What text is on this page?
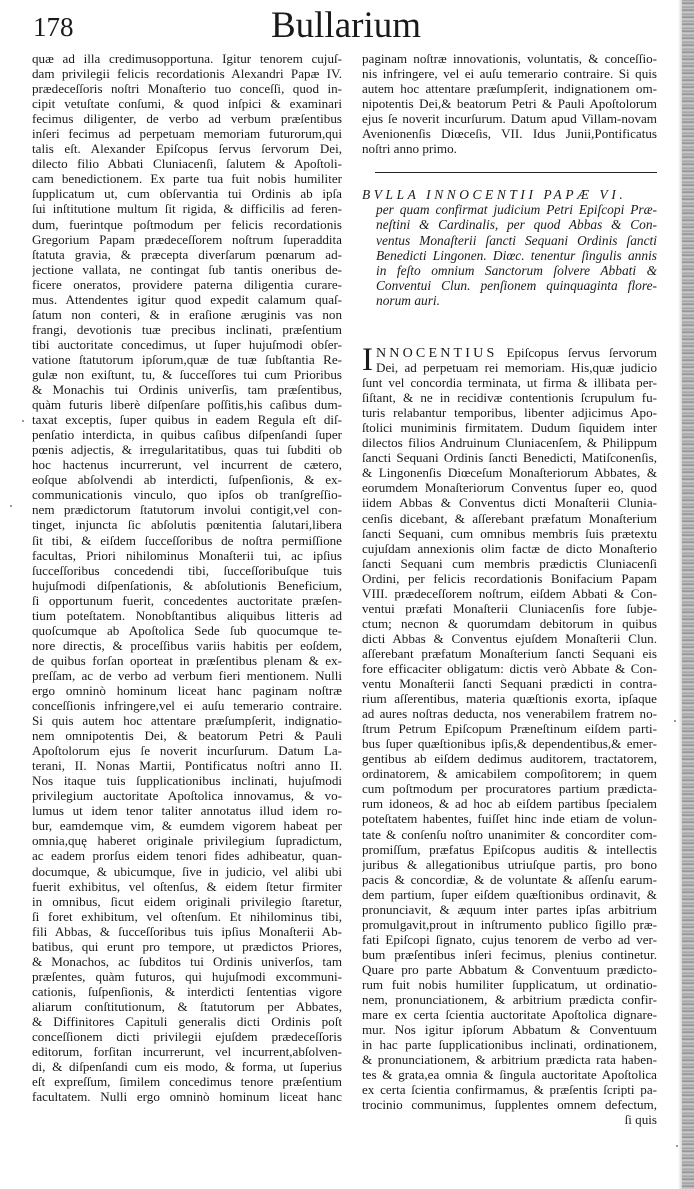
178	Bullarium
quæ ad illa credimusopportuna. Igitur tenorem cujuſ-
dam privilegii felicis recordationis Alexandri Papæ IV.
prædeceſſoris noſtri Monaſterio tuo conceſſi, quod in-
cipit vetuſtate conſumi, & quod inſpici & examinari
fecimus diligenter, de verbo ad verbum præſentibus
inſeri fecimus ad perpetuam memoriam futurorum,qui
talis eſt. Alexander Epiſcopus ſervus ſervorum Dei,
dilecto filio Abbati Cluniacenſi, ſalutem & Apoſtoli-
cam benedictionem. Ex parte tua fuit nobis humiliter
ſupplicatum ut, cum obſervantia tui Ordinis ab ipſa
ſui inſtitutione multum ſit rigida, & difficilis ad feren-
dum, fuerintque poſtmodum per felicis recordationis
Gregorium Papam prædeceſſorem noſtrum ſuperaddita
ſtatuta gravia, & præcepta diverſarum pœnarum ad-
jectione vallata, ne contingat ſub tantis oneribus de-
ficere oneratos, providere paterna diligentia curare-
mus. Attendentes igitur quod expedit calamum quaſ-
ſatum non conteri, & in eraſione æruginis vas non
frangi, devotionis tuæ precibus inclinati, præſentium
tibi auctoritate concedimus, ut ſuper hujuſmodi obſer-
vatione ſtatutorum ipſorum,quæ de tuæ ſubſtantia Re-
gulæ non exiſtunt, tu, & ſucceſſores tui cum Prioribus
& Monachis tui Ordinis univerſis, tam præſentibus,
quàm futuris liberè diſpenſare poſſitis,his caſibus dum-
taxat exceptis, ſuper quibus in eadem Regula eſt diſ-
penſatio interdicta, in quibus caſibus diſpenſandi ſuper
pœnis adjectis, & irregularitatibus, quas tui ſubditi ob
hoc hactenus incurrerunt, vel incurrent de cætero,
eoſque abſolvendi ab interdicti, ſuſpenſionis, & ex-
communicationis vinculo, quo ipſos ob tranſgreſſio-
nem prædictorum ſtatutorum involui contigit,vel con-
tinget, injuncta ſic abſolutis pœnitentia ſalutari,libera
ſit tibi, & eiſdem ſucceſſoribus de noſtra permiſſione
facultas, Priori nihilominus Monaſterii tui, ac ipſius
ſucceſſoribus concedendi tibi, ſucceſſoribuſque tuis
hujuſmodi diſpenſationis, & abſolutionis Beneficium,
ſi opportunum fuerit, concedentes auctoritate præſen-
tium poteſtatem. Nonobſtantibus aliquibus litteris ad
quoſcumque ab Apoſtolica Sede ſub quocumque te-
nore directis, & proceſſibus variis habitis per eoſdem,
de quibus forſan oporteat in præſentibus plenam & ex-
preſſam, ac de verbo ad verbum fieri mentionem. Nulli
ergo omninò hominum liceat hanc paginam noſtræ
conceſſionis infringere,vel ei auſu temerario contraire.
Si quis autem hoc attentare præſumpſerit, indignatio-
nem omnipotentis Dei, & beatorum Petri & Pauli
Apoſtolorum ejus ſe noverit incurſurum. Datum La-
terani, II. Nonas Martii, Pontificatus noſtri anno II.
Nos itaque tuis ſupplicationibus inclinati, hujuſmodi
privilegium auctoritate Apoſtolica innovamus, & vo-
lumus ut idem tenor taliter annotatus illud idem ro-
bur, eamdemque vim, & eumdem vigorem habeat per
omnia,quę haberet originale privilegium ſupradictum,
ac eadem prorſus eidem tenori fides adhibeatur, quan-
documque, & ubicumque, ſive in judicio, vel alibi ubi
fuerit exhibitus, vel oſtenſus, & eidem ſtetur firmiter
in omnibus, ſicut eidem originali privilegio ſtaretur,
ſi foret exhibitum, vel oſtenſum. Et nihilominus tibi,
fili Abbas, & ſucceſſoribus tuis ipſius Monaſterii Ab-
batibus, qui erunt pro tempore, ut prædictos Priores,
& Monachos, ac ſubditos tui Ordinis univerſos, tam
præſentes, quàm futuros, qui hujuſmodi excommuni-
cationis, ſuſpenſionis, & interdicti ſententias vigore
aliarum conſtitutionum, & ſtatutorum per Abbates,
& Diffinitores Capituli generalis dicti Ordinis poſt
conceſſionem dicti privilegii ejuſdem prædeceſſoris
editorum, forſitan incurrerunt, vel incurrent,abſolven-
di, & diſpenſandi cum eis modo, & forma, ut ſuperius
eſt expreſſum, ſimilem concedimus tenore præſentium
facultatem. Nulli ergo omninò hominum liceat hanc
paginam noſtræ innovationis, voluntatis, & conceſſio-
nis infringere, vel ei auſu temerario contraire. Si quis
autem hoc attentare præſumpſerit, indignationem om-
nipotentis Dei,& beatorum Petri & Pauli Apoſtolorum
ejus ſe noverit incurſurum. Datum apud Villam-novam
Avenionenſis Diœceſis, VII. Idus Junii,Pontificatus
noſtri anno primo.
BVLLA INNOCENTII PAPÆ VI.
per quam confirmat judicium Petri Epiſcopi Præ-
neſtini & Cardinalis, per quod Abbas & Con-
ventus Monaſterii ſancti Sequani Ordinis ſancti
Benedicti Lingonen. Diœc. tenentur ſingulis annis
in feſto omnium Sanctorum ſolvere Abbati &
Conventui Clun. penſionem quinquaginta flore-
norum auri.
I NNOCENTIUS Epiſcopus ſervus ſervorum
Dei, ad perpetuam rei memoriam. His,quæ judicio
ſunt vel concordia terminata, ut firma & illibata per-
ſiſtant, & ne in recidivæ contentionis ſcrupulum fu-
turis relabantur temporibus, libenter adjicimus Apo-
ſtolici muniminis firmitatem. Dudum ſiquidem inter
dilectos filios Andruinum Cluniacenſem, & Philippum
ſancti Sequani Ordinis ſancti Benedicti, Matiſconenſis,
& Lingonenſis Diœceſum Monaſteriorum Abbates, &
eorumdem Monaſteriorum Conventus ſuper eo, quod
iidem Abbas & Conventus dicti Monaſterii Clunia-
cenſis dicebant, & aſſerebant præfatum Monaſterium
ſancti Sequani, cum omnibus membris ſuis prætextu
cujuſdam annexionis olim factæ de dicto Monaſterio
ſancti Sequani cum membris prædictis Cluniacenſi
Ordini, per felicis recordationis Bonifacium Papam
VIII. prædeceſſorem noſtrum, eiſdem Abbati & Con-
ventui præfati Monaſterii Cluniacenſis fore ſubje-
ctum; necnon & quorumdam debitorum in quibus
dicti Abbas & Conventus ejuſdem Monaſterii Clun.
aſſerebant præfatum Monaſterium ſancti Sequani eis
fore efficaciter obligatum: dictis verò Abbate & Con-
ventu Monaſterii ſancti Sequani prædicti in contra-
rium aſſerentibus, materia quæſtionis exorta, ipſaque
ad aures noſtras deducta, nos venerabilem fratrem no-
ſtrum Petrum Epiſcopum Præneſtinum eiſdem parti-
bus ſuper quæſtionibus ipſis,& dependentibus,& emer-
gentibus ab eiſdem dedimus auditorem, tractatorem,
ordinatorem, & amicabilem compoſitorem; in quem
cum poſtmodum per procuratores partium prædicta-
rum idoneos, & ad hoc ab eiſdem partibus ſpecialem
poteſtatem habentes, fuiſſet hinc inde etiam de volun-
tate & conſenſu noſtro unanimiter & concorditer com-
promiſſum, præfatus Epiſcopus auditis & intellectis
juribus & allegationibus utriuſque partis, pro bono
pacis & concordiæ, & de voluntate & aſſenſu earum-
dem partium, ſuper eiſdem quæſtionibus ordinavit, &
pronunciavit, & æquum inter partes ipſas arbitrium
promulgavit,prout in inſtrumento publico ſigillo præ-
fati Epiſcopi ſignato, cujus tenorem de verbo ad ver-
bum præſentibus inſeri fecimus, plenius continetur.
Quare pro parte Abbatum & Conventuum prædicto-
rum fuit nobis humiliter ſupplicatum, ut ordinatio-
nem, pronunciationem, & arbitrium prædicta confir-
mare ex certa ſcientia auctoritate Apoſtolica dignare-
mur. Nos igitur ipſorum Abbatum & Conventuum
in hac parte ſupplicationibus inclinati, ordinationem,
& pronunciationem, & arbitrium prædicta rata haben-
tes & grata,ea omnia & ſingula auctoritate Apoſtolica
ex certa ſcientia confirmamus, & præſentis ſcripti pa-
trocinio communimus, ſupplentes omnem defectum,
ſi quis
